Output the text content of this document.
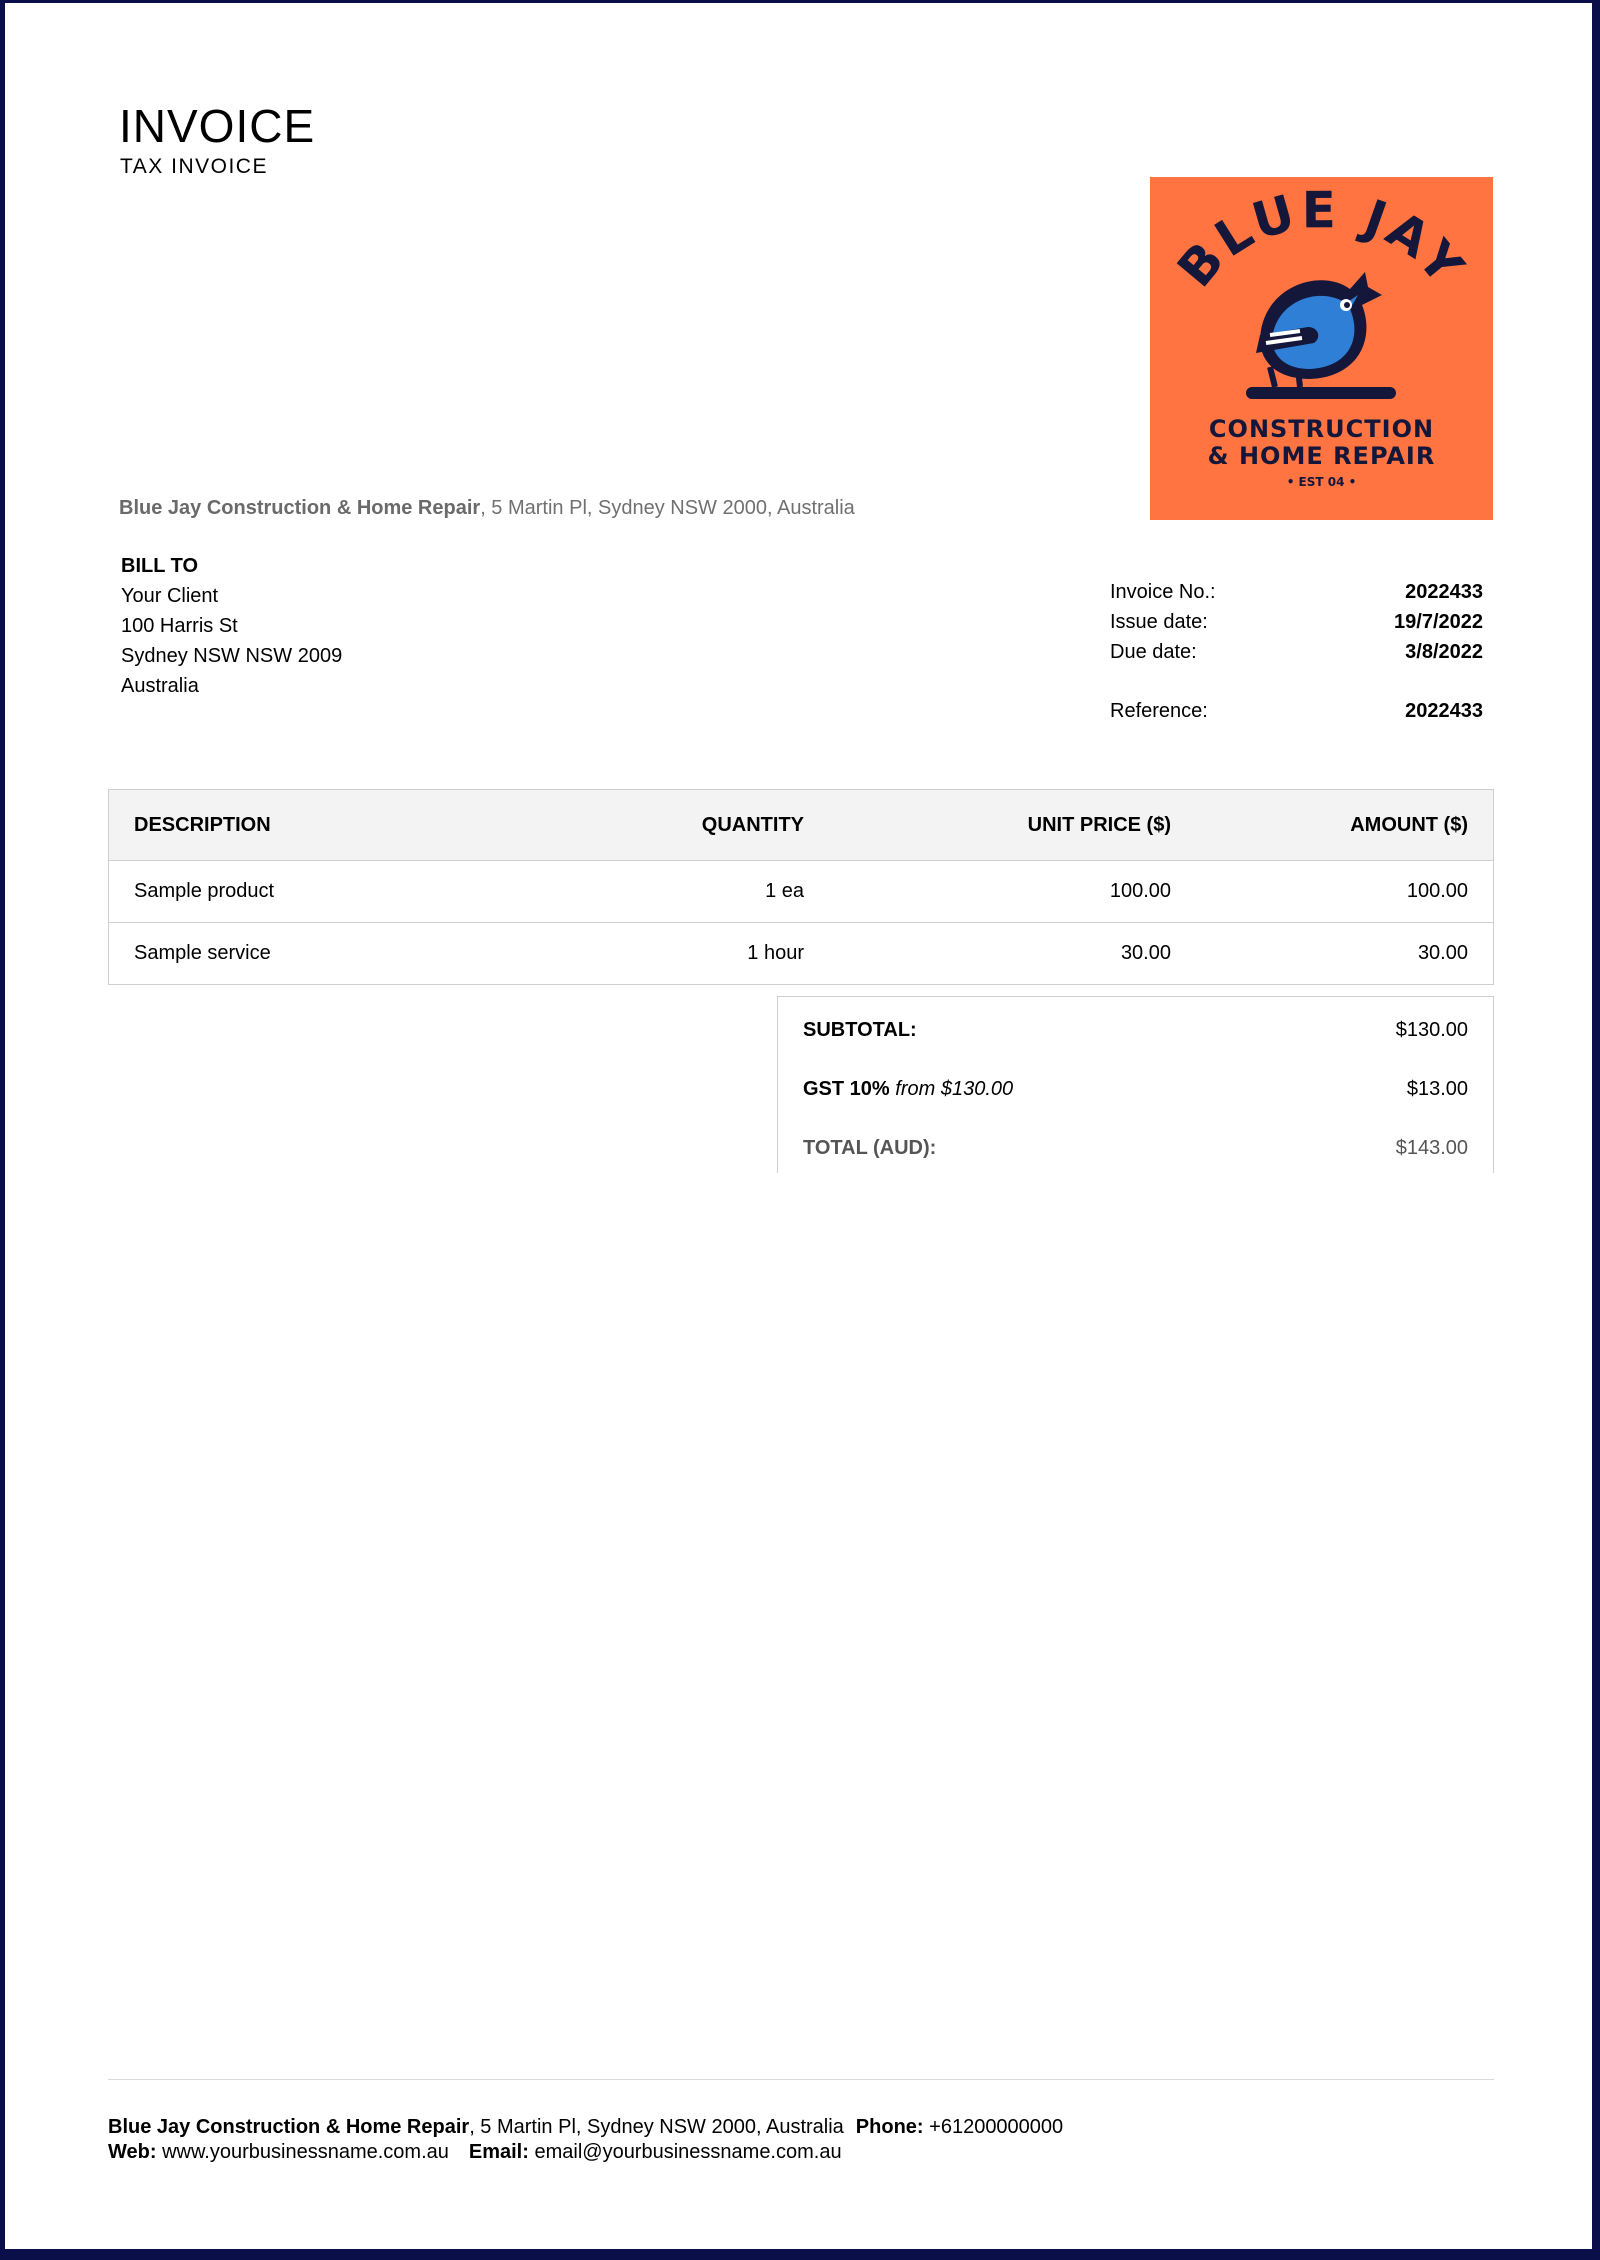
INVOICE
TAX INVOICE
BLUE JAY
CONSTRUCTION
& HOME REPAIR
• EST 04 •
Blue Jay Construction & Home Repair, 5 Martin Pl, Sydney NSW 2000, Australia
BILL TO
Your Client
100 Harris St
Sydney NSW NSW 2009
Australia
Invoice No.:	2022433
Issue date:	19/7/2022
Due date:	3/8/2022
Reference:	2022433
DESCRIPTION	QUANTITY	UNIT PRICE ($)	AMOUNT ($)
Sample product	1 ea	100.00	100.00
Sample service	1 hour	30.00	30.00
SUBTOTAL:	$130.00
GST 10% from $130.00	$13.00
TOTAL (AUD):	$143.00
Blue Jay Construction & Home Repair, 5 Martin Pl, Sydney NSW 2000, Australia Phone: +61200000000
Web: www.yourbusinessname.com.au Email: email@yourbusinessname.com.au
